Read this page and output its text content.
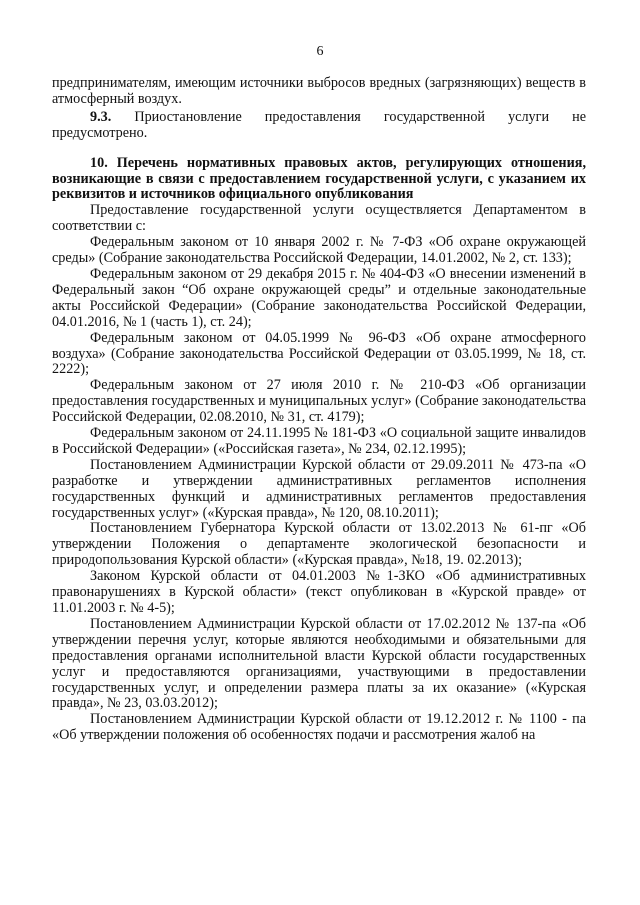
6

предпринимателям, имеющим источники выбросов вредных (загрязняющих) веществ в атмосферный воздух.

9.3. Приостановление предоставления государственной услуги не предусмотрено.

10. Перечень нормативных правовых актов, регулирующих отношения, возникающие в связи с предоставлением государственной услуги, с указанием их реквизитов и источников официального опубликования

Предоставление государственной услуги осуществляется Департаментом в соответствии с:

Федеральным законом от 10 января 2002 г. № 7-ФЗ «Об охране окружающей среды» (Собрание законодательства Российской Федерации, 14.01.2002, № 2, ст. 133);

Федеральным законом от 29 декабря 2015 г. № 404-ФЗ «О внесении изменений в Федеральный закон “Об охране окружающей среды” и отдельные законодательные акты Российской Федерации» (Собрание законодательства Российской Федерации, 04.01.2016, № 1 (часть 1), ст. 24);

Федеральным законом от 04.05.1999 № 96-ФЗ «Об охране атмосферного воздуха» (Собрание законодательства Российской Федерации от 03.05.1999, № 18, ст. 2222);

Федеральным законом от 27 июля 2010 г. № 210-ФЗ «Об организации предоставления государственных и муниципальных услуг» (Собрание законодательства Российской Федерации, 02.08.2010, № 31, ст. 4179);

Федеральным законом от 24.11.1995 № 181-ФЗ «О социальной защите инвалидов в Российской Федерации» («Российская газета», № 234, 02.12.1995);

Постановлением Администрации Курской области от 29.09.2011 № 473-па «О разработке и утверждении административных регламентов исполнения государственных функций и административных регламентов предоставления государственных услуг» («Курская правда», № 120, 08.10.2011);

Постановлением Губернатора Курской области от 13.02.2013 № 61-пг «Об утверждении Положения о департаменте экологической безопасности и природопользования Курской области» («Курская правда», №18, 19. 02.2013);

Законом Курской области от 04.01.2003 №1-ЗКО «Об административных правонарушениях в Курской области» (текст опубликован в «Курской правде» от 11.01.2003 г. № 4-5);

Постановлением Администрации Курской области от 17.02.2012 № 137-па «Об утверждении перечня услуг, которые являются необходимыми и обязательными для предоставления органами исполнительной власти Курской области государственных услуг и предоставляются организациями, участвующими в предоставлении государственных услуг, и определении размера платы за их оказание» («Курская правда», № 23, 03.03.2012);

Постановлением Администрации Курской области от 19.12.2012 г. № 1100 - па «Об утверждении положения об особенностях подачи и рассмотрения жалоб на
